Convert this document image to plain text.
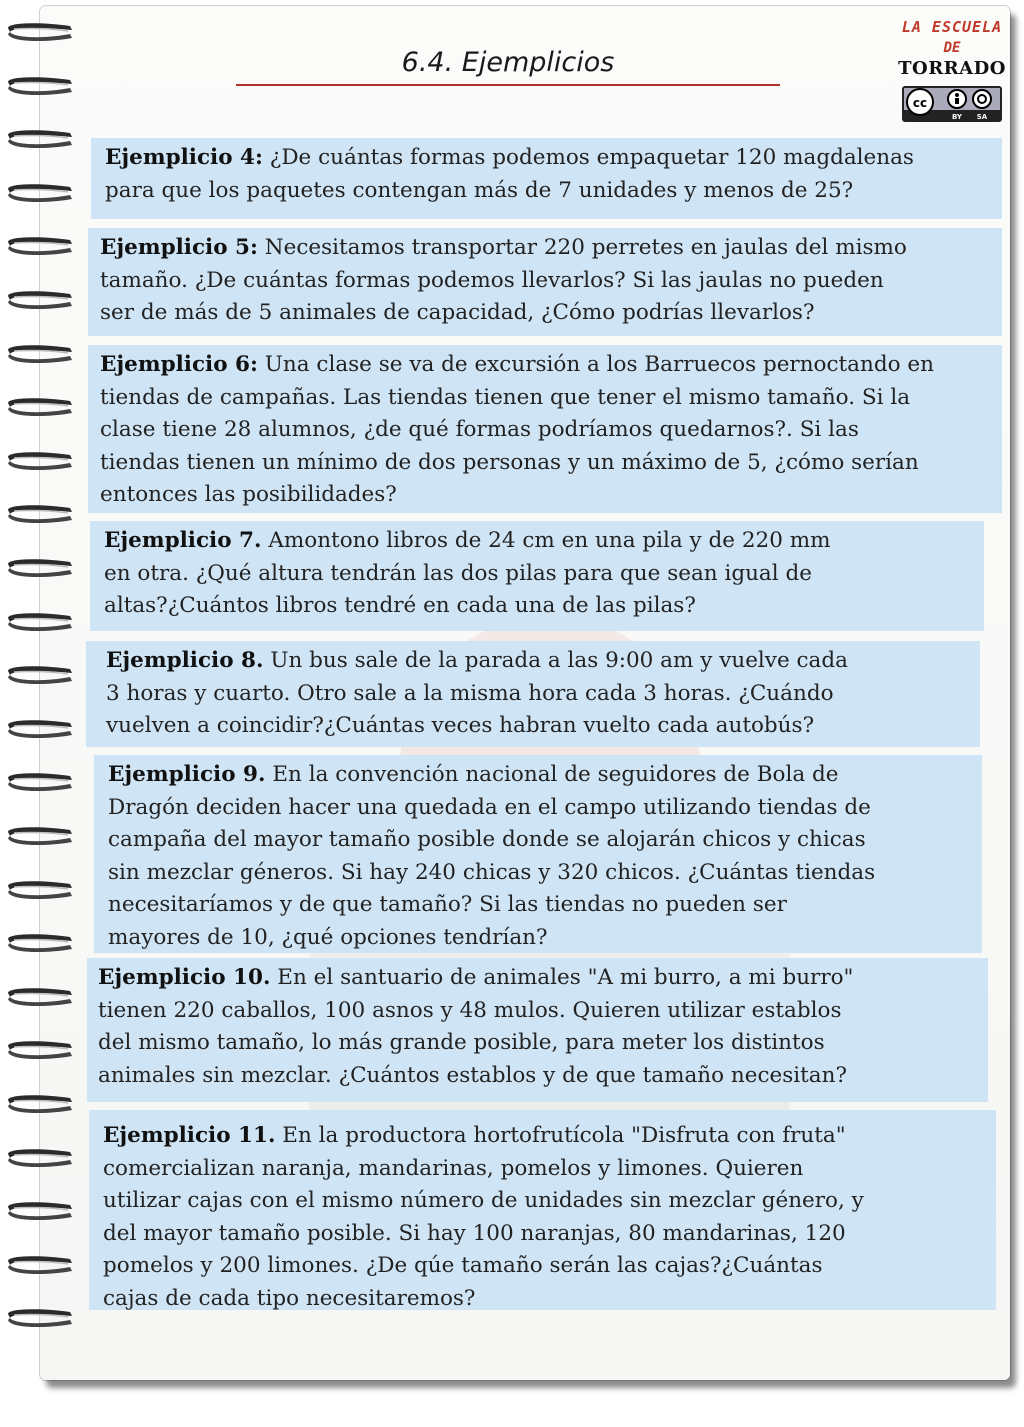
6.4. Ejemplicios
LA ESCUELA
DE
TORRADO
cc
BY SA
Ejemplicio 4: ¿De cuántas formas podemos empaquetar 120 magdalenas
para que los paquetes contengan más de 7 unidades y menos de 25?
Ejemplicio 5: Necesitamos transportar 220 perretes en jaulas del mismo
tamaño. ¿De cuántas formas podemos llevarlos? Si las jaulas no pueden
ser de más de 5 animales de capacidad, ¿Cómo podrías llevarlos?
Ejemplicio 6: Una clase se va de excursión a los Barruecos pernoctando en
tiendas de campañas. Las tiendas tienen que tener el mismo tamaño. Si la
clase tiene 28 alumnos, ¿de qué formas podríamos quedarnos?. Si las
tiendas tienen un mínimo de dos personas y un máximo de 5, ¿cómo serían
entonces las posibilidades?
Ejemplicio 7. Amontono libros de 24 cm en una pila y de 220 mm
en otra. ¿Qué altura tendrán las dos pilas para que sean igual de
altas?¿Cuántos libros tendré en cada una de las pilas?
Ejemplicio 8. Un bus sale de la parada a las 9:00 am y vuelve cada
3 horas y cuarto. Otro sale a la misma hora cada 3 horas. ¿Cuándo
vuelven a coincidir?¿Cuántas veces habran vuelto cada autobús?
Ejemplicio 9. En la convención nacional de seguidores de Bola de
Dragón deciden hacer una quedada en el campo utilizando tiendas de
campaña del mayor tamaño posible donde se alojarán chicos y chicas
sin mezclar géneros. Si hay 240 chicas y 320 chicos. ¿Cuántas tiendas
necesitaríamos y de que tamaño? Si las tiendas no pueden ser
mayores de 10, ¿qué opciones tendrían?
Ejemplicio 10. En el santuario de animales "A mi burro, a mi burro"
tienen 220 caballos, 100 asnos y 48 mulos. Quieren utilizar establos
del mismo tamaño, lo más grande posible, para meter los distintos
animales sin mezclar. ¿Cuántos establos y de que tamaño necesitan?
Ejemplicio 11. En la productora hortofrutícola "Disfruta con fruta"
comercializan naranja, mandarinas, pomelos y limones. Quieren
utilizar cajas con el mismo número de unidades sin mezclar género, y
del mayor tamaño posible. Si hay 100 naranjas, 80 mandarinas, 120
pomelos y 200 limones. ¿De qúe tamaño serán las cajas?¿Cuántas
cajas de cada tipo necesitaremos?
